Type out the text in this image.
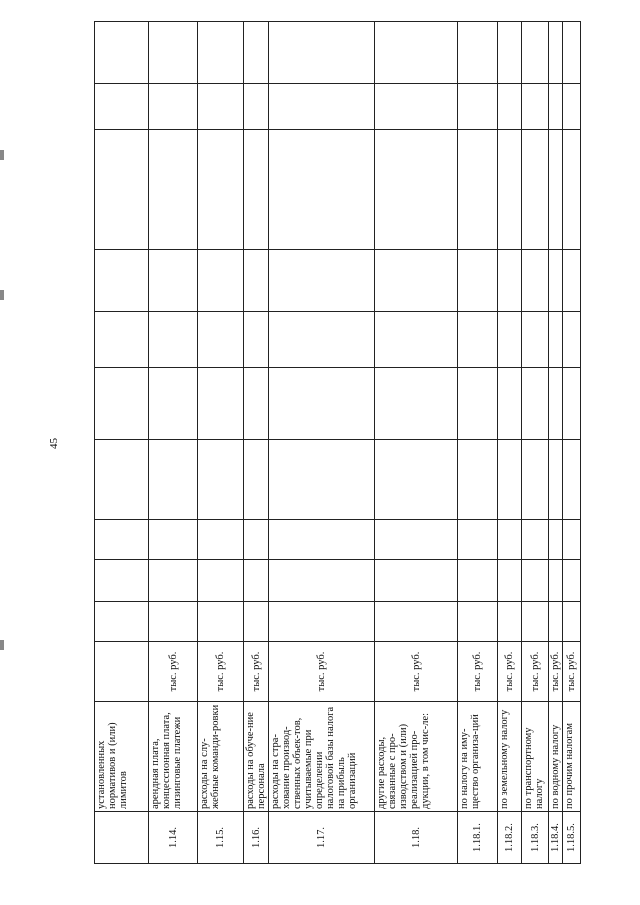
45
	установленных нормативов и (или) лимитов											
1.14.	арендная плата, концессионная плата, лизинговые платежи	тыс. руб.										
1.15.	расходы на слу-жебные команди-ровки	тыс. руб.										
1.16.	расходы на обуче-ние персонала	тыс. руб.										
1.17.	расходы на стра-хование производ-ственных объек-тов, учитываемые при определении налоговой базы налога на прибыль организаций	тыс. руб.										
1.18.	другие расходы, связанные с про-изводством и (или) реализацией про-дукции, в том чис-ле:	тыс. руб.										
1.18.1.	по налогу на иму-щество организа-ций	тыс. руб.										
1.18.2.	по земельному налогу	тыс. руб.										
1.18.3.	по транспортному налогу	тыс. руб.										
1.18.4.	по водному налогу	тыс. руб.										
1.18.5.	по прочим налогам	тыс. руб.										
